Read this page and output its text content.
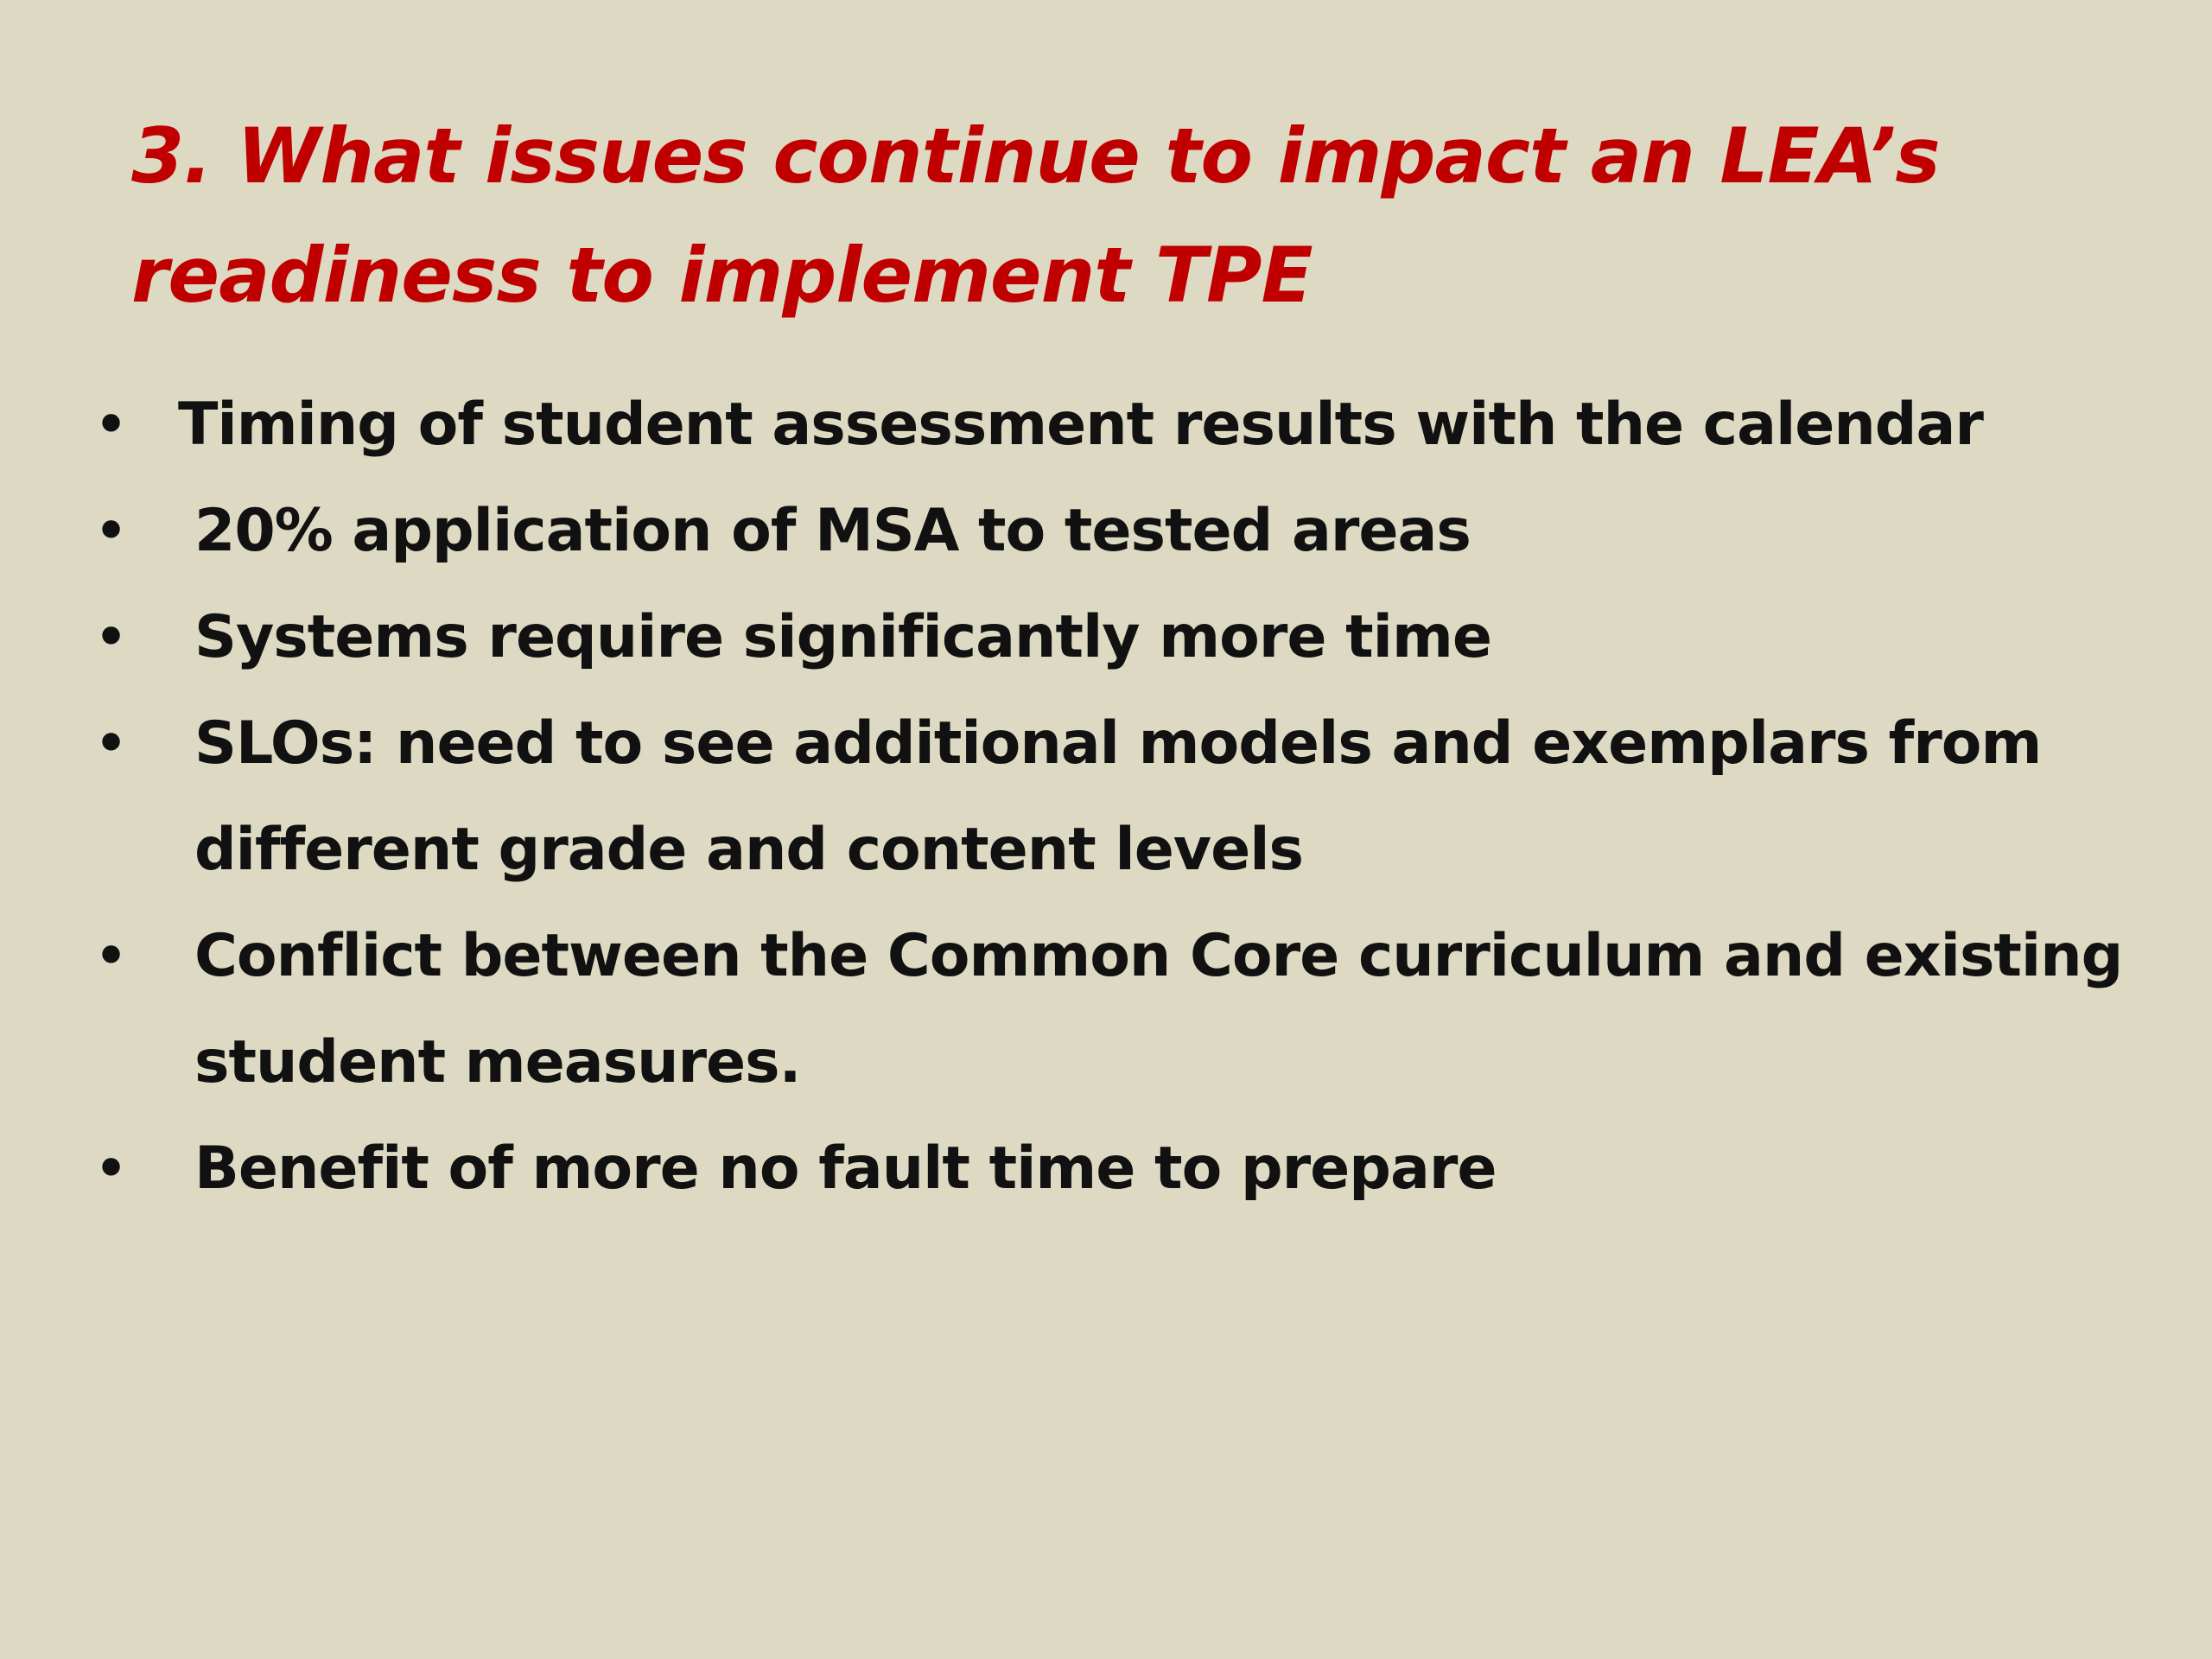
3. What issues continue to impact an LEA’s
readiness to implement TPE
• Timing of student assessment results with the calendar
• 20% application of MSA to tested areas
• Systems require significantly more time
• SLOs: need to see additional models and exemplars from
different grade and content levels
• Conflict between the Common Core curriculum and existing
student measures.
• Benefit of more no fault time to prepare
